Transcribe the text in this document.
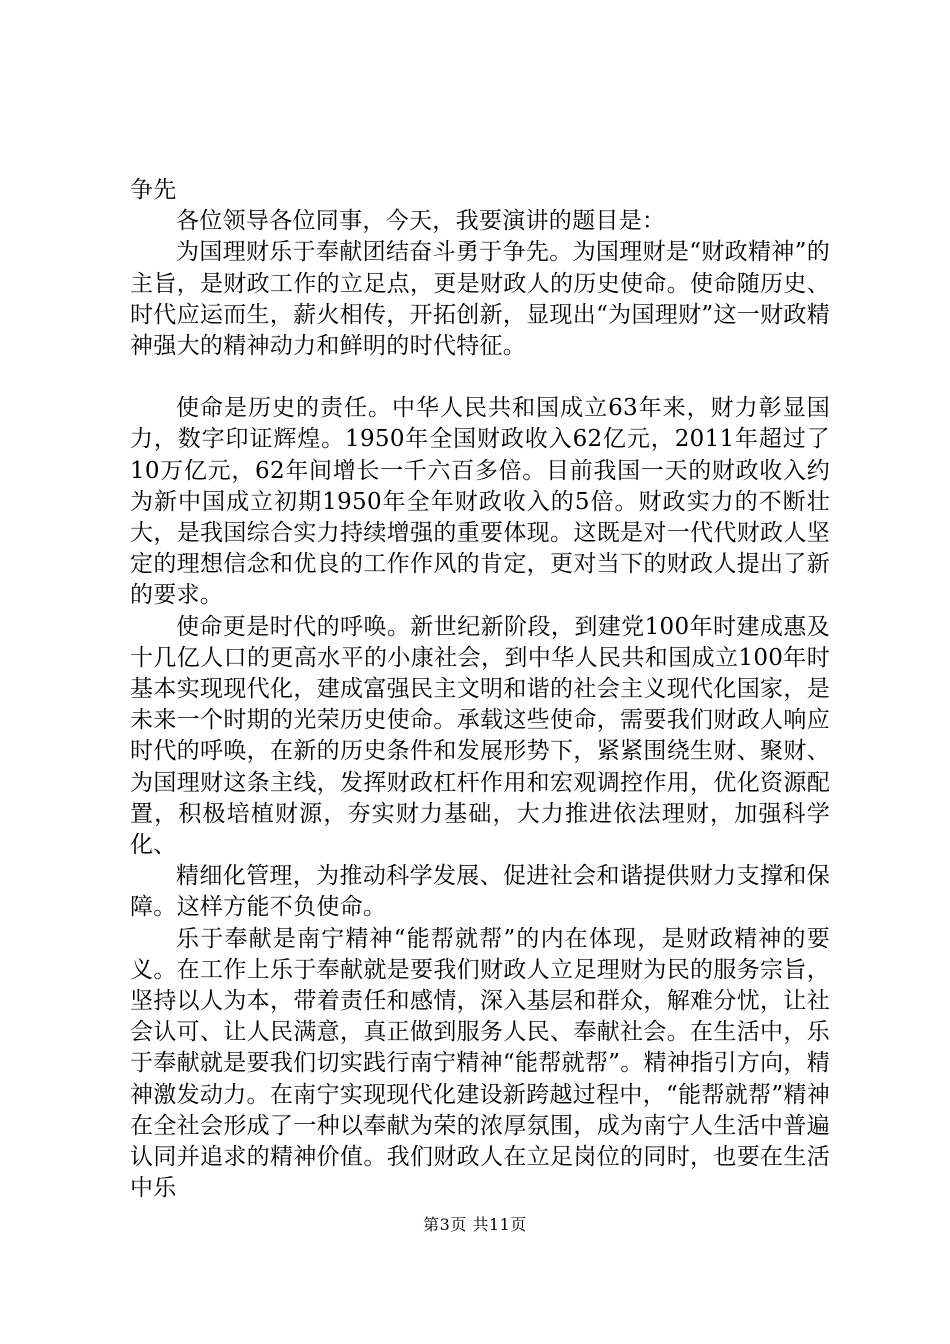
争先

各位领导各位同事，今天，我要演讲的题目是：

为国理财乐于奉献团结奋斗勇于争先。为国理财是“财政精神”的主旨，是财政工作的立足点，更是财政人的历史使命。使命随历史、时代应运而生，薪火相传，开拓创新，显现出“为国理财”这一财政精神强大的精神动力和鲜明的时代特征。

使命是历史的责任。中华人民共和国成立63年来，财力彰显国力，数字印证辉煌。1950年全国财政收入62亿元，2011年超过了10万亿元，62年间增长一千六百多倍。目前我国一天的财政收入约为新中国成立初期1950年全年财政收入的5倍。财政实力的不断壮大，是我国综合实力持续增强的重要体现。这既是对一代代财政人坚定的理想信念和优良的工作作风的肯定，更对当下的财政人提出了新的要求。

使命更是时代的呼唤。新世纪新阶段，到建党100年时建成惠及十几亿人口的更高水平的小康社会，到中华人民共和国成立100年时基本实现现代化，建成富强民主文明和谐的社会主义现代化国家，是未来一个时期的光荣历史使命。承载这些使命，需要我们财政人响应时代的呼唤，在新的历史条件和发展形势下，紧紧围绕生财、聚财、为国理财这条主线，发挥财政杠杆作用和宏观调控作用，优化资源配置，积极培植财源，夯实财力基础，大力推进依法理财，加强科学化、

精细化管理，为推动科学发展、促进社会和谐提供财力支撑和保障。这样方能不负使命。

乐于奉献是南宁精神“能帮就帮”的内在体现，是财政精神的要义。在工作上乐于奉献就是要我们财政人立足理财为民的服务宗旨，坚持以人为本，带着责任和感情，深入基层和群众，解难分忧，让社会认可、让人民满意，真正做到服务人民、奉献社会。在生活中，乐于奉献就是要我们切实践行南宁精神“能帮就帮”。精神指引方向，精神激发动力。在南宁实现现代化建设新跨越过程中，“能帮就帮”精神在全社会形成了一种以奉献为荣的浓厚氛围，成为南宁人生活中普遍认同并追求的精神价值。我们财政人在立足岗位的同时，也要在生活中乐

第3页 共11页
